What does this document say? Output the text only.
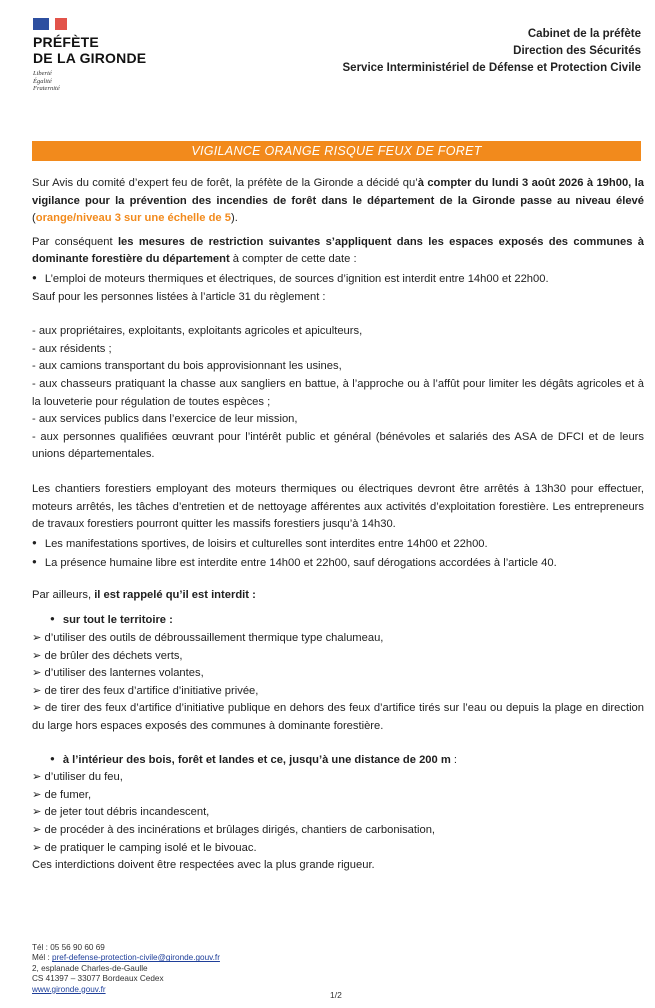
PRÉFÈTE
DE LA GIRONDE
Liberté
Égalité
Fraternité
Cabinet de la préfète
Direction des Sécurités
Service Interministériel de Défense et Protection Civile
VIGILANCE ORANGE RISQUE FEUX DE FORET

Sur Avis du comité d’expert feu de forêt, la préfète de la Gironde a décidé qu’à compter du lundi 3 août 2026 à 19h00, la vigilance pour la prévention des incendies de forêt dans le département de la Gironde passe au niveau élevé (orange/niveau 3 sur une échelle de 5).

Par conséquent les mesures de restriction suivantes s’appliquent dans les espaces exposés des communes à dominante forestière du département à compter de cette date :

● L’emploi de moteurs thermiques et électriques, de sources d’ignition est interdit entre 14h00 et 22h00.

Sauf pour les personnes listées à l’article 31 du règlement :

- aux propriétaires, exploitants, exploitants agricoles et apiculteurs,

- aux résidents ;

- aux camions transportant du bois approvisionnant les usines,

- aux chasseurs pratiquant la chasse aux sangliers en battue, à l’approche ou à l’affût pour limiter les dégâts agricoles et à la louveterie pour régulation de toutes espèces ;

- aux services publics dans l’exercice de leur mission,

- aux personnes qualifiées œuvrant pour l’intérêt public et général (bénévoles et salariés des ASA de DFCI et de leurs unions départementales.

Les chantiers forestiers employant des moteurs thermiques ou électriques devront être arrêtés à 13h30 pour effectuer, moteurs arrêtés, les tâches d’entretien et de nettoyage afférentes aux activités d’exploitation forestière. Les entrepreneurs de travaux forestiers pourront quitter les massifs forestiers jusqu’à 14h30.

● Les manifestations sportives, de loisirs et culturelles sont interdites entre 14h00 et 22h00.

● La présence humaine libre est interdite entre 14h00 et 22h00, sauf dérogations accordées à l’article 40.

Par ailleurs, il est rappelé qu’il est interdit :

● sur tout le territoire :

➢ d’utiliser des outils de débroussaillement thermique type chalumeau,

➢ de brûler des déchets verts,

➢ d’utiliser des lanternes volantes,

➢ de tirer des feux d’artifice d’initiative privée,

➢ de tirer des feux d’artifice d’initiative publique en dehors des feux d’artifice tirés sur l’eau ou depuis la plage en direction du large hors espaces exposés des communes à dominante forestière.

● à l’intérieur des bois, forêt et landes et ce, jusqu’à une distance de 200 m :

➢ d’utiliser du feu,

➢ de fumer,

➢ de jeter tout débris incandescent,

➢ de procéder à des incinérations et brûlages dirigés, chantiers de carbonisation,

➢ de pratiquer le camping isolé et le bivouac.

Ces interdictions doivent être respectées avec la plus grande rigueur.

Tél : 05 56 90 60 69
Mél : pref-defense-protection-civile@gironde.gouv.fr
2, esplanade Charles-de-Gaulle
CS 41397 – 33077 Bordeaux Cedex
www.gironde.gouv.fr
1/2
